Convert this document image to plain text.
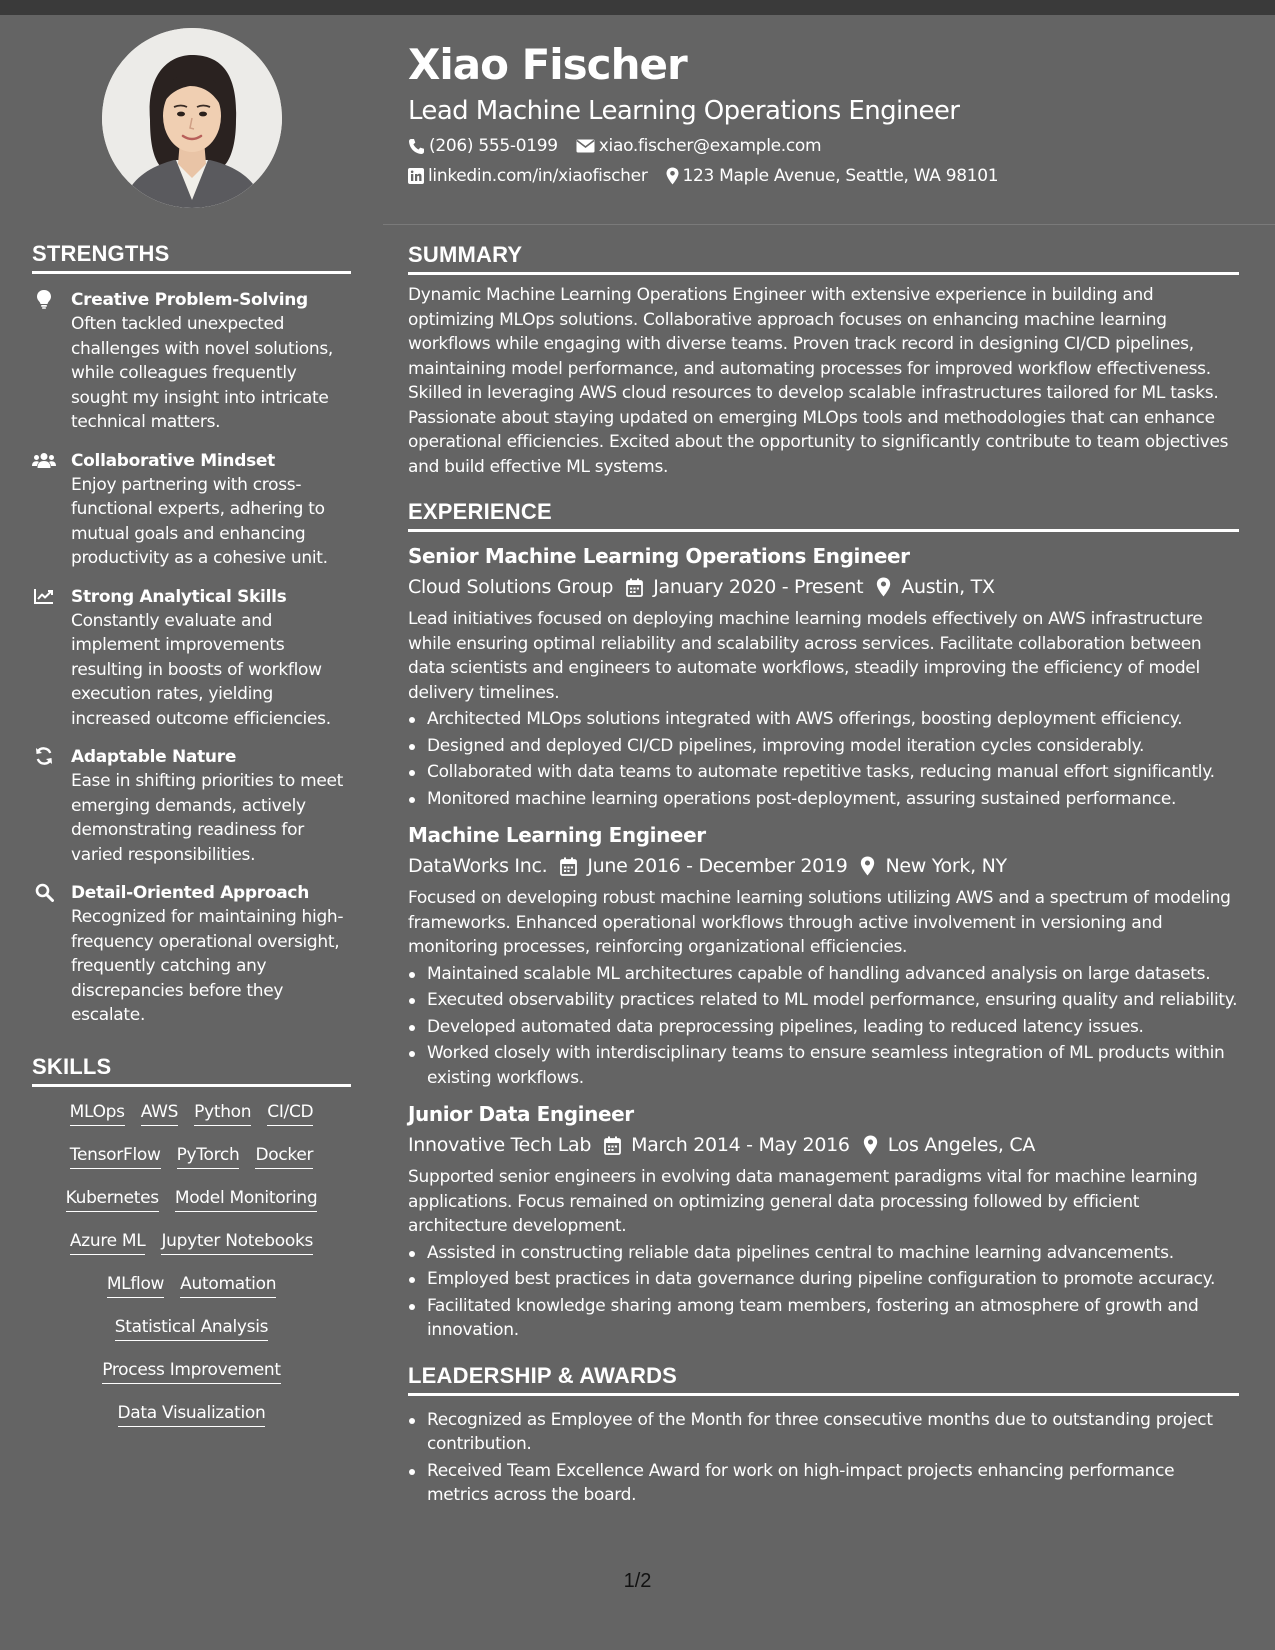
STRENGTHS
Creative Problem-Solving
Often tackled unexpected challenges with novel solutions, while colleagues frequently sought my insight into intricate technical matters.
Collaborative Mindset
Enjoy partnering with cross-functional experts, adhering to mutual goals and enhancing productivity as a cohesive unit.
Strong Analytical Skills
Constantly evaluate and implement improvements resulting in boosts of workflow execution rates, yielding increased outcome efficiencies.
Adaptable Nature
Ease in shifting priorities to meet emerging demands, actively demonstrating readiness for varied responsibilities.
Detail-Oriented Approach
Recognized for maintaining high-frequency operational oversight, frequently catching any discrepancies before they escalate.
SKILLS
MLOps AWS Python CI/CD
TensorFlow PyTorch Docker
Kubernetes Model Monitoring
Azure ML Jupyter Notebooks
MLflow Automation
Statistical Analysis
Process Improvement
Data Visualization
Xiao Fischer
Lead Machine Learning Operations Engineer
(206) 555-0199 xiao.fischer@example.com
linkedin.com/in/xiaofischer 123 Maple Avenue, Seattle, WA 98101
SUMMARY
Dynamic Machine Learning Operations Engineer with extensive experience in building and optimizing MLOps solutions. Collaborative approach focuses on enhancing machine learning workflows while engaging with diverse teams. Proven track record in designing CI/CD pipelines, maintaining model performance, and automating processes for improved workflow effectiveness. Skilled in leveraging AWS cloud resources to develop scalable infrastructures tailored for ML tasks. Passionate about staying updated on emerging MLOps tools and methodologies that can enhance operational efficiencies. Excited about the opportunity to significantly contribute to team objectives and build effective ML systems.
EXPERIENCE
Senior Machine Learning Operations Engineer
Cloud Solutions Group January 2020 - Present Austin, TX
Lead initiatives focused on deploying machine learning models effectively on AWS infrastructure while ensuring optimal reliability and scalability across services. Facilitate collaboration between data scientists and engineers to automate workflows, steadily improving the efficiency of model delivery timelines.
Architected MLOps solutions integrated with AWS offerings, boosting deployment efficiency.
Designed and deployed CI/CD pipelines, improving model iteration cycles considerably.
Collaborated with data teams to automate repetitive tasks, reducing manual effort significantly.
Monitored machine learning operations post-deployment, assuring sustained performance.
Machine Learning Engineer
DataWorks Inc. June 2016 - December 2019 New York, NY
Focused on developing robust machine learning solutions utilizing AWS and a spectrum of modeling frameworks. Enhanced operational workflows through active involvement in versioning and monitoring processes, reinforcing organizational efficiencies.
Maintained scalable ML architectures capable of handling advanced analysis on large datasets.
Executed observability practices related to ML model performance, ensuring quality and reliability.
Developed automated data preprocessing pipelines, leading to reduced latency issues.
Worked closely with interdisciplinary teams to ensure seamless integration of ML products within existing workflows.
Junior Data Engineer
Innovative Tech Lab March 2014 - May 2016 Los Angeles, CA
Supported senior engineers in evolving data management paradigms vital for machine learning applications. Focus remained on optimizing general data processing followed by efficient architecture development.
Assisted in constructing reliable data pipelines central to machine learning advancements.
Employed best practices in data governance during pipeline configuration to promote accuracy.
Facilitated knowledge sharing among team members, fostering an atmosphere of growth and innovation.
LEADERSHIP & AWARDS
Recognized as Employee of the Month for three consecutive months due to outstanding project contribution.
Received Team Excellence Award for work on high-impact projects enhancing performance metrics across the board.
1/2
